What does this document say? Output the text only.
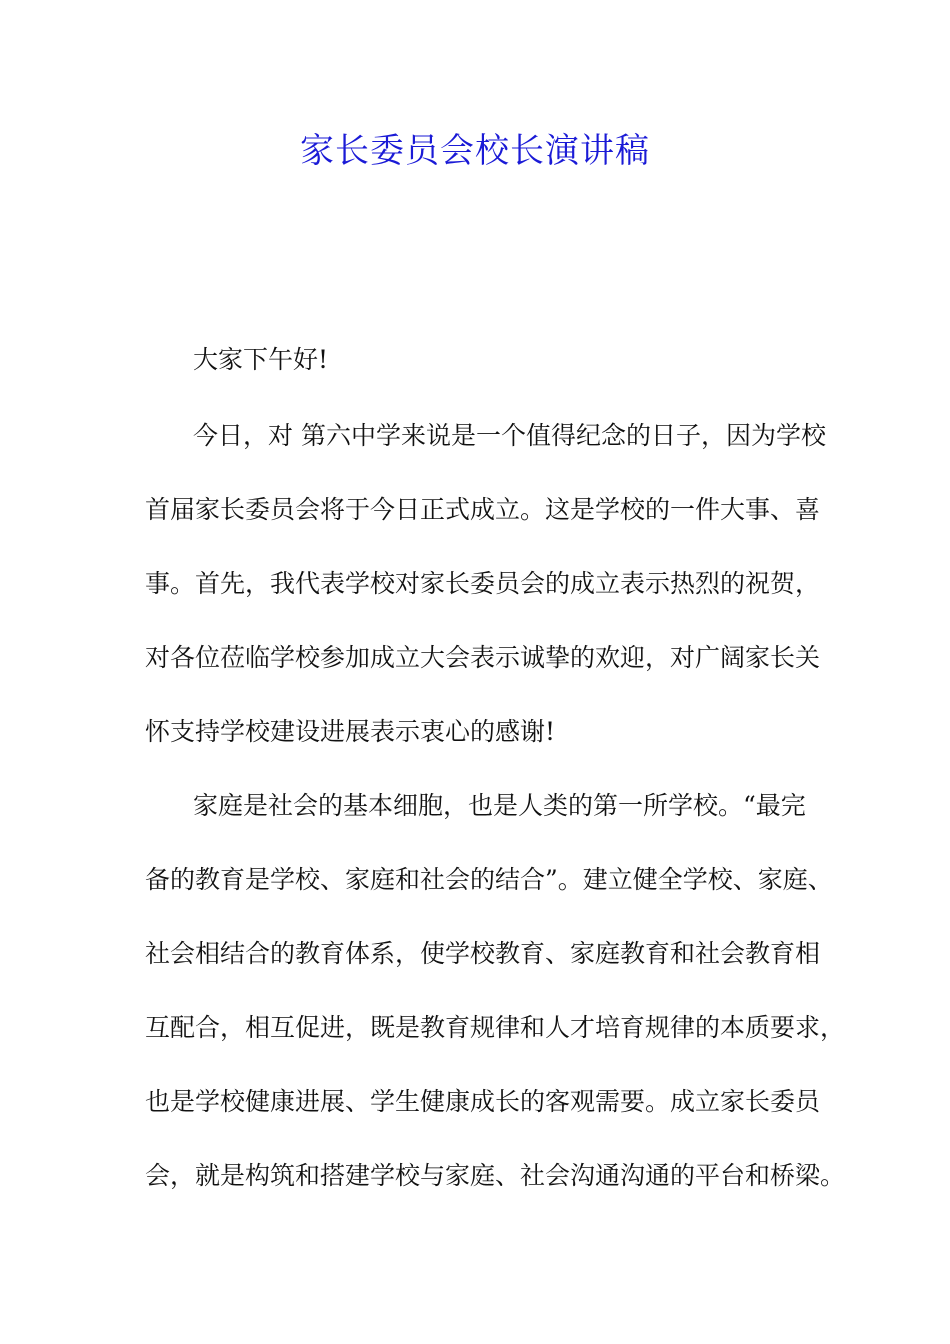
家长委员会校长演讲稿

大家下午好!

今日，对 第六中学来说是一个值得纪念的日子，因为学校

首届家长委员会将于今日正式成立。这是学校的一件大事、喜

事。首先，我代表学校对家长委员会的成立表示热烈的祝贺，

对各位莅临学校参加成立大会表示诚挚的欢迎，对广阔家长关

怀支持学校建设进展表示衷心的感谢!

家庭是社会的基本细胞，也是人类的第一所学校。“最完

备的教育是学校、家庭和社会的结合”。建立健全学校、家庭、

社会相结合的教育体系，使学校教育、家庭教育和社会教育相

互配合，相互促进，既是教育规律和人才培育规律的本质要求，

也是学校健康进展、学生健康成长的客观需要。成立家长委员

会，就是构筑和搭建学校与家庭、社会沟通沟通的平台和桥梁。
